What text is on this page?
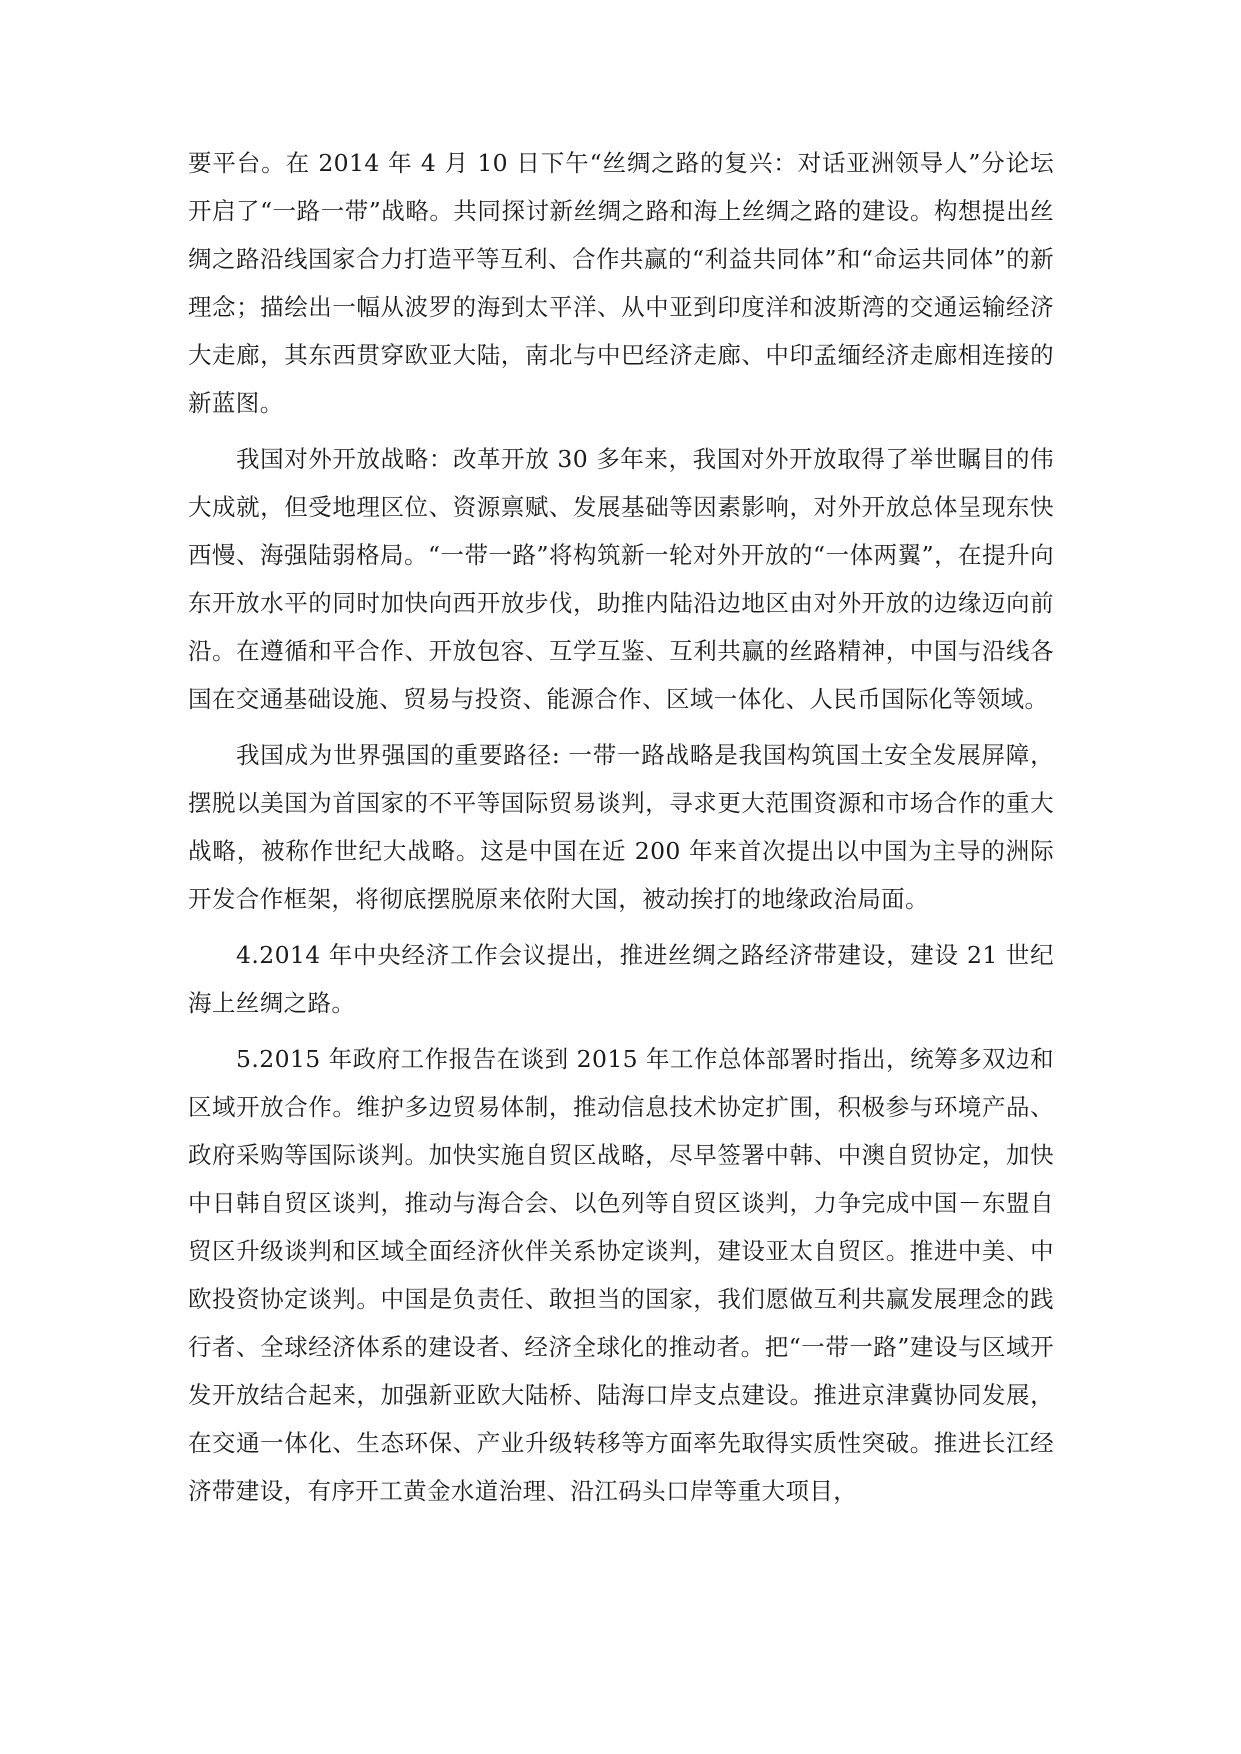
要平台。在 2014 年 4 月 10 日下午“丝绸之路的复兴：对话亚洲领导人”分论坛开启了“一路一带”战略。共同探讨新丝绸之路和海上丝绸之路的建设。构想提出丝绸之路沿线国家合力打造平等互利、合作共赢的“利益共同体”和“命运共同体”的新理念；描绘出一幅从波罗的海到太平洋、从中亚到印度洋和波斯湾的交通运输经济大走廊，其东西贯穿欧亚大陆，南北与中巴经济走廊、中印孟缅经济走廊相连接的新蓝图。

我国对外开放战略：改革开放 30 多年来，我国对外开放取得了举世瞩目的伟大成就，但受地理区位、资源禀赋、发展基础等因素影响，对外开放总体呈现东快西慢、海强陆弱格局。“一带一路”将构筑新一轮对外开放的“一体两翼”，在提升向东开放水平的同时加快向西开放步伐，助推内陆沿边地区由对外开放的边缘迈向前沿。在遵循和平合作、开放包容、互学互鉴、互利共赢的丝路精神，中国与沿线各国在交通基础设施、贸易与投资、能源合作、区域一体化、人民币国际化等领域。

我国成为世界强国的重要路径: 一带一路战略是我国构筑国土安全发展屏障，摆脱以美国为首国家的不平等国际贸易谈判，寻求更大范围资源和市场合作的重大战略，被称作世纪大战略。这是中国在近 200 年来首次提出以中国为主导的洲际开发合作框架，将彻底摆脱原来依附大国，被动挨打的地缘政治局面。

4.2014 年中央经济工作会议提出，推进丝绸之路经济带建设，建设 21 世纪海上丝绸之路。

5.2015 年政府工作报告在谈到 2015 年工作总体部署时指出，统筹多双边和区域开放合作。维护多边贸易体制，推动信息技术协定扩围，积极参与环境产品、政府采购等国际谈判。加快实施自贸区战略，尽早签署中韩、中澳自贸协定，加快中日韩自贸区谈判，推动与海合会、以色列等自贸区谈判，力争完成中国－东盟自贸区升级谈判和区域全面经济伙伴关系协定谈判，建设亚太自贸区。推进中美、中欧投资协定谈判。中国是负责任、敢担当的国家，我们愿做互利共赢发展理念的践行者、全球经济体系的建设者、经济全球化的推动者。把“一带一路”建设与区域开发开放结合起来，加强新亚欧大陆桥、陆海口岸支点建设。推进京津冀协同发展，在交通一体化、生态环保、产业升级转移等方面率先取得实质性突破。推进长江经济带建设，有序开工黄金水道治理、沿江码头口岸等重大项目，
